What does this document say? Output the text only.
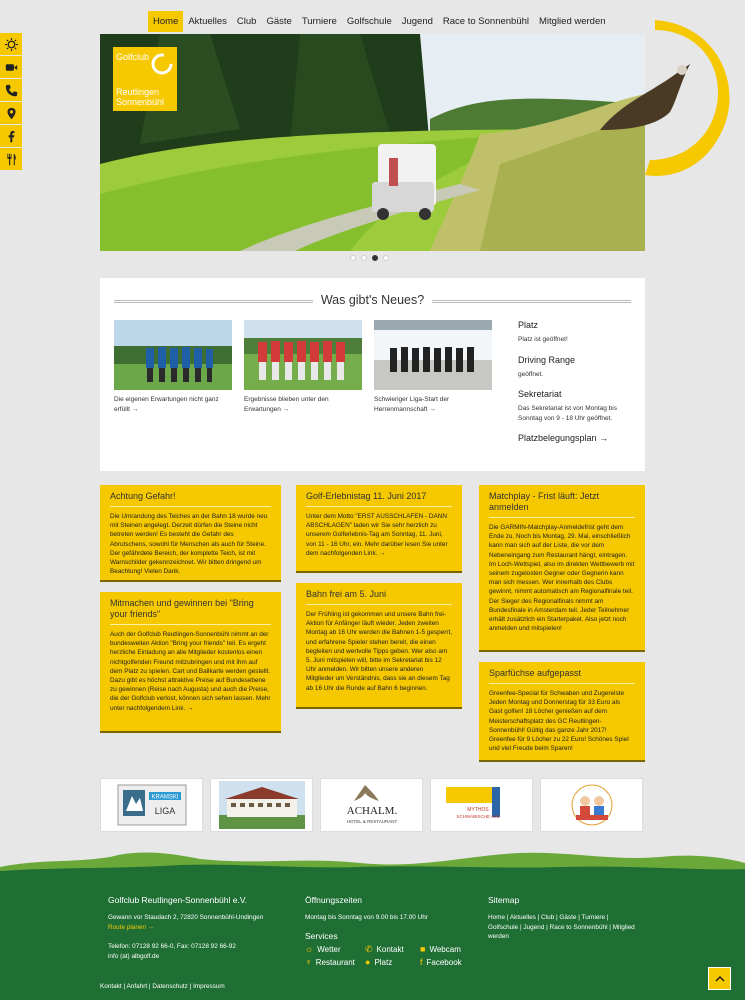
Home	Aktuelles	Club	Gäste	Turniere	Golfschule	Jugend	Race to Sonnenbühl	Mitglied werden
Golfclub
Reutlingen
Sonnenbühl
Was gibt's Neues?
Die eigenen Erwartungen nicht ganz erfüllt →
Ergebnisse blieben unter den Erwartungen →
Schwieriger Liga-Start der Herrenmannschaft →
Platz
Platz ist geöffnet!
Driving Range
geöffnet.
Sekretariat
Das Sekretariat ist von Montag bis Sonntag von 9 - 18 Uhr geöffnet.
Platzbelegungsplan →
Achtung Gefahr!
Die Umrandung des Teiches an der Bahn 18 wurde neu mit Steinen angelegt. Derzeit dürfen die Steine nicht betreten werden! Es besteht die Gefahr des Abrutschens, sowohl für Menschen als auch für Steine. Der gefährdete Bereich, der komplette Teich, ist mit Warnschilder gekennzeichnet. Wir bitten dringend um Beachtung! Vielen Dank.
Mitmachen und gewinnen bei "Bring your friends"
Auch der Golfclub Reutlingen-Sonnenbühl nimmt an der bundesweiten Aktion "Bring your friends" teil. Es ergeht herzliche Einladung an alle Mitglieder kostenlos einen nichtgolfenden Freund mitzubringen und mit ihm auf dem Platz zu spielen. Cart und Ballkarte werden gestellt. Dazu gibt es höchst attraktive Preise auf Bundesebene zu gewinnen (Reise nach Augusta) und auch die Preise, die der Golfclub verlost, können sich sehen lassen. Mehr unter nachfolgendem Link. →
Golf-Erlebnistag 11. Juni 2017
Unter dem Motto "ERST AUSSCHLAFEN - DANN ABSCHLAGEN" laden wir Sie sehr herzlich zu unserem Golferlebnis-Tag am Sonntag, 11. Juni, von 11 - 16 Uhr, ein. Mehr darüber lesen Sie unter dem nachfolgenden Link. →
Bahn frei am 5. Juni
Der Frühling ist gekommen und unsere Bahn frei-Aktion für Anfänger läuft wieder. Jeden zweiten Montag ab 16 Uhr werden die Bahnen 1-5 gesperrt, und erfahrene Spieler stehen bereit, die einen begleiten und wertvolle Tipps geben. Wer also am 5. Juni mitspielen will, bitte im Sekretariat bis 12 Uhr anmelden. Wir bitten unsere anderen Mitglieder um Verständnis, dass sie an diesem Tag ab 16 Uhr die Runde auf Bahn 6 beginnen.
Matchplay - Frist läuft: Jetzt anmelden
Die GARMIN-Matchplay-Anmeldefrist geht dem Ende zu. Noch bis Montag, 29. Mai, einschließlich kann man sich auf der Liste, die vor dem Nebeneingang zum Restaurant hängt, eintragen. Im Loch-Wettspiel, also im direkten Wettbewerb mit seinem zugelosten Gegner oder Gegnerin kann man sich messen. Wer innerhalb des Clubs gewinnt, nimmt automatisch am Regionalfinale teil. Der Sieger des Regionalfinals nimmt am Bundesfinale in Amsterdam teil. Jeder Teilnehmer erhält zusätzlich ein Starterpaket. Also jetzt noch anmelden und mitspielen!
Sparfüchse aufgepasst
Greenfee-Special für Schwaben und Zugereiste Jeden Montag und Donnerstag für 33 Euro als Gast golfen! 18 Löcher genießen auf dem Meisterschaftsplatz des GC Reutlingen-Sonnenbühl! Gültig das ganze Jahr 2017! Greenfee für 9 Löcher zu 22 Euro! Schönes Spiel und viel Freude beim Sparen!
KRAMSKI
LIGA	ACHALM.
HOTEL & RESTAURANT
MYTHOS
SCHWÄBISCHE ALB
Golfclub Reutlingen-Sonnenbühl e.V.
Gewann vor Staudach 2, 72820 Sonnenbühl-Undingen
Route planen →
Telefon: 07128 92 66-0, Fax: 07128 92 66-92
info (at) albgolf.de
Öffnungszeiten
Montag bis Sonntag von 9.00 bis 17.00 Uhr
Services
☼ Wetter	✆ Kontakt ■ Webcam
♆ Restaurant ● Platz	f Facebook
Sitemap
Home | Aktuelles | Club | Gäste | Turniere | Golfschule | Jugend | Race to Sonnenbühl | Mitglied werden
Kontakt | Anfahrt | Datenschutz | Impressum
